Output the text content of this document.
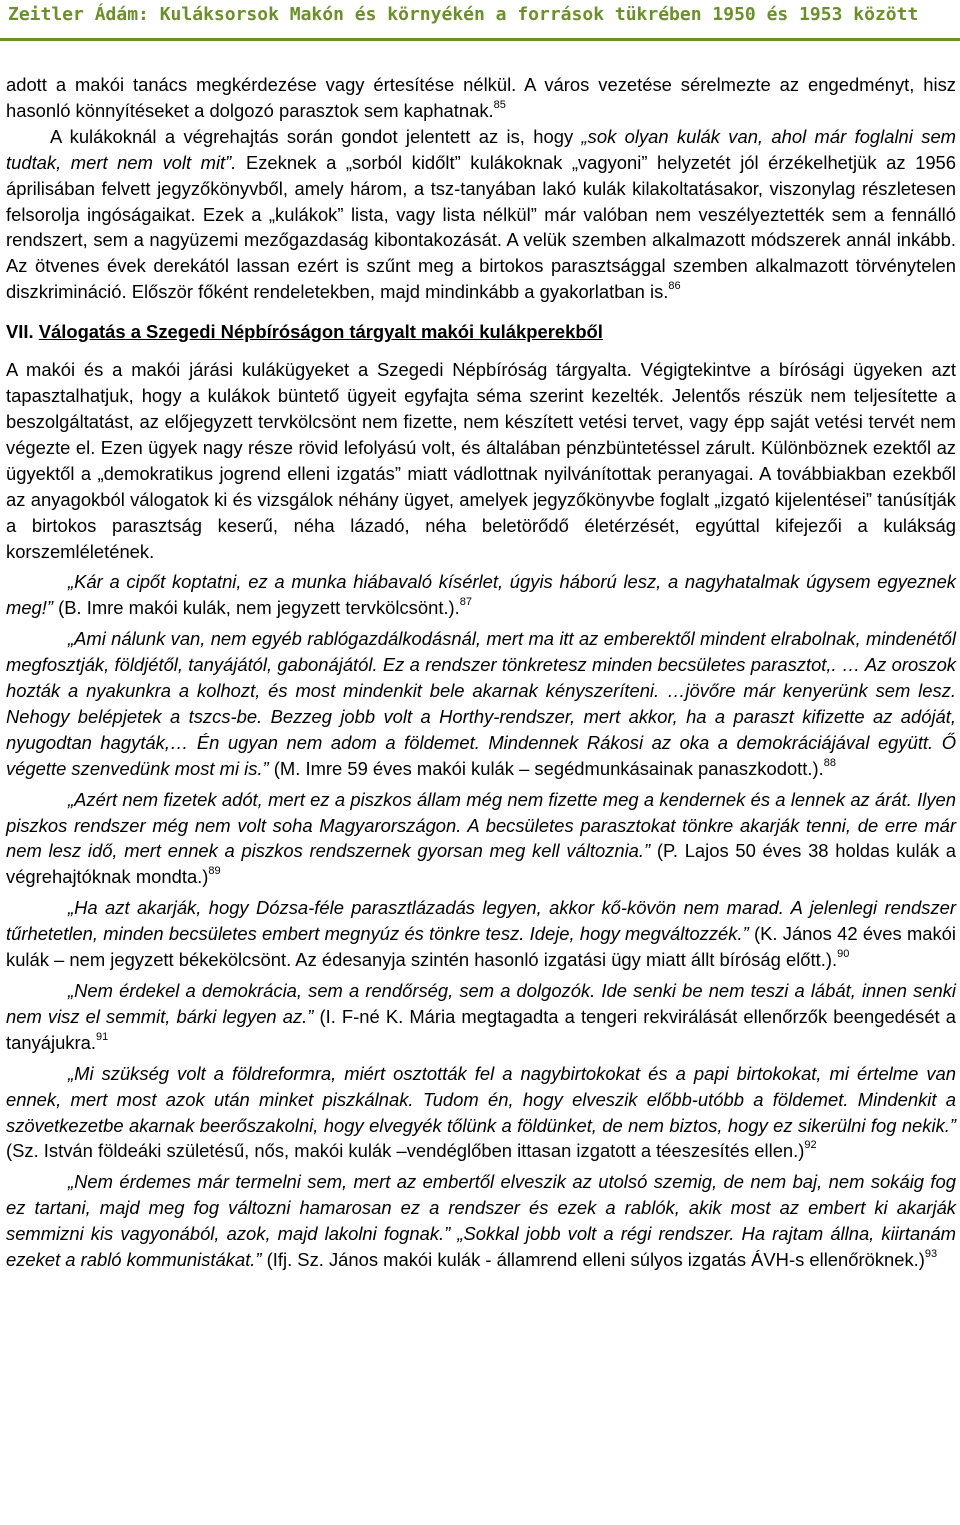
Zeitler Ádám: Kuláksorsok Makón és környékén a források tükrében 1950 és 1953 között

adott a makói tanács megkérdezése vagy értesítése nélkül. A város vezetése sérelmezte az engedményt, hisz hasonló könnyítéseket a dolgozó parasztok sem kaphatnak.$^{85}$
A kulákoknál a végrehajtás során gondot jelentett az is, hogy „sok olyan kulák van, ahol már foglalni sem tudtak, mert nem volt mit”. Ezeknek a „sorból kidőlt” kulákoknak „vagyoni” helyzetét jól érzékelhetjük az 1956 áprilisában felvett jegyzőkönyvből, amely három, a tsz-tanyában lakó kulák kilakoltatásakor, viszonylag részletesen felsorolja ingóságaikat. Ezek a „kulákok” lista, vagy lista nélkül” már valóban nem veszélyeztették sem a fennálló rendszert, sem a nagyüzemi mezőgazdaság kibontakozását. A velük szemben alkalmazott módszerek annál inkább. Az ötvenes évek derekától lassan ezért is szűnt meg a birtokos parasztsággal szemben alkalmazott törvénytelen diszkrimináció. Először főként rendeletekben, majd mindinkább a gyakorlatban is.$^{86}$

VII. Válogatás a Szegedi Népbíróságon tárgyalt makói kulákperekből

A makói és a makói járási kulákügyeket a Szegedi Népbíróság tárgyalta. Végigtekintve a bírósági ügyeken azt tapasztalhatjuk, hogy a kulákok büntető ügyeit egyfajta séma szerint kezelték. Jelentős részük nem teljesítette a beszolgáltatást, az előjegyzett tervkölcsönt nem fizette, nem készített vetési tervet, vagy épp saját vetési tervét nem végezte el. Ezen ügyek nagy része rövid lefolyású volt, és általában pénzbüntetéssel zárult. Különböznek ezektől az ügyektől a „demokratikus jogrend elleni izgatás” miatt vádlottnak nyilvánítottak peranyagai. A továbbiakban ezekből az anyagokból válogatok ki és vizsgálok néhány ügyet, amelyek jegyzőkönyvbe foglalt „izgató kijelentései” tanúsítják a birtokos parasztság keserű, néha lázadó, néha beletörődő életérzését, egyúttal kifejezői a kulákság korszemléletének.

„Kár a cipőt koptatni, ez a munka hiábavaló kísérlet, úgyis háború lesz, a nagyhatalmak úgysem egyeznek meg!” (B. Imre makói kulák, nem jegyzett tervkölcsönt.).$^{87}$

„Ami nálunk van, nem egyéb rablógazdálkodásnál, mert ma itt az emberektől mindent elrabolnak, mindenétől megfosztják, földjétől, tanyájától, gabonájától. Ez a rendszer tönkretesz minden becsületes parasztot,. … Az oroszok hozták a nyakunkra a kolhozt, és most mindenkit bele akarnak kényszeríteni. …jövőre már kenyerünk sem lesz. Nehogy belépjetek a tszcs-be. Bezzeg jobb volt a Horthy-rendszer, mert akkor, ha a paraszt kifizette az adóját, nyugodtan hagyták,… Én ugyan nem adom a földemet. Mindennek Rákosi az oka a demokráciájával együtt. Ő végette szenvedünk most mi is.” (M. Imre 59 éves makói kulák – segédmunkásainak panaszkodott.).$^{88}$

„Azért nem fizetek adót, mert ez a piszkos állam még nem fizette meg a kendernek és a lennek az árát. Ilyen piszkos rendszer még nem volt soha Magyarországon. A becsületes parasztokat tönkre akarják tenni, de erre már nem lesz idő, mert ennek a piszkos rendszernek gyorsan meg kell változnia.” (P. Lajos 50 éves 38 holdas kulák a végrehajtóknak mondta.)$^{89}$

„Ha azt akarják, hogy Dózsa-féle parasztlázadás legyen, akkor kő-kövön nem marad. A jelenlegi rendszer tűrhetetlen, minden becsületes embert megnyúz és tönkre tesz. Ideje, hogy megváltozzék.” (K. János 42 éves makói kulák – nem jegyzett békekölcsönt. Az édesanyja szintén hasonló izgatási ügy miatt állt bíróság előtt.).$^{90}$

„Nem érdekel a demokrácia, sem a rendőrség, sem a dolgozók. Ide senki be nem teszi a lábát, innen senki nem visz el semmit, bárki legyen az.” (I. F-né K. Mária megtagadta a tengeri rekvirálását ellenőrzők beengedését a tanyájukra.$^{91}$

„Mi szükség volt a földreformra, miért osztották fel a nagybirtokokat és a papi birtokokat, mi értelme van ennek, mert most azok után minket piszkálnak. Tudom én, hogy elveszik előbb-utóbb a földemet. Mindenkit a szövetkezetbe akarnak beerőszakolni, hogy elvegyék tőlünk a földünket, de nem biztos, hogy ez sikerülni fog nekik.” (Sz. István földeáki születésű, nős, makói kulák –vendéglőben ittasan izgatott a téeszesítés ellen.)$^{92}$

„Nem érdemes már termelni sem, mert az embertől elveszik az utolsó szemig, de nem baj, nem sokáig fog ez tartani, majd meg fog változni hamarosan ez a rendszer és ezek a rablók, akik most az embert ki akarják semmizni kis vagyonából, azok, majd lakolni fognak.” „Sokkal jobb volt a régi rendszer. Ha rajtam állna, kiirtanám ezeket a rabló kommunistákat.” (Ifj. Sz. János makói kulák - államrend elleni súlyos izgatás ÁVH-s ellenőröknek.)$^{93}$
